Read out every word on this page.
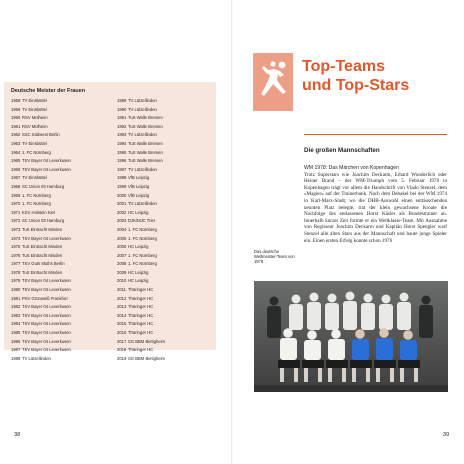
Deutsche Meister der Frauen
1958 TV Einsbüttel
1959 TV Einsbüttel
1960 RSV Mülheim
1961 RSV Mülheim
1962 SSC Südwest Berlin
1963 TV Einsbüttel
1964 1. FC Nürnberg
1965 TSV Bayer 04 Leverkusen
1966 TSV Bayer 04 Leverkusen
1967 TV Einsbüttel
1968 SC Union 03 Hamburg
1969 1. FC Nürnberg
1970 1. FC Nürnberg
1971 KSV Holstein Kiel
1972 SC Union 03 Hamburg
1973 TuS Eintracht Minden
1974 TSV Bayer 04 Leverkusen
1975 TuS Eintracht Minden
1976 TuS Eintracht Minden
1977 TSV Guts Muths Berlin
1978 TuS Eintracht Minden
1979 TSV Bayer 04 Leverkusen
1980 TSV Bayer 04 Leverkusen
1981 PSV Grünweiß Frankfurt
1982 TSV Bayer 04 Leverkusen
1983 TSV Bayer 04 Leverkusen
1984 TSV Bayer 04 Leverkusen
1985 TSV Bayer 04 Leverkusen
1986 TSV Bayer 04 Leverkusen
1987 TSV Bayer 04 Leverkusen
1988 TV Lützellinden
1989 TV Lützellinden
1990 TV Lützellinden
1991 TuS Walle Bremen
1992 TuS Walle Bremen
1993 TV Lützellinden
1994 TuS Walle Bremen
1995 TuS Walle Bremen
1996 TuS Walle Bremen
1997 TV Lützellinden
1998 VfB Leipzig
1999 VfB Leipzig
2000 VfB Leipzig
2001 TV Lützellinden
2002 HC Leipzig
2003 DJK/MJC Trier
2004 1. FC Nürnberg
2005 1. FC Nürnberg
2006 HC Leipzig
2007 1. FC Nürnberg
2008 1. FC Nürnberg
2009 HC Leipzig
2010 HC Leipzig
2011 Thüringer HC
2012 Thüringer HC
2013 Thüringer HC
2014 Thüringer HC
2015 Thüringer HC
2016 Thüringer HC
2017 SG BBM Bietigheim
2018 Thüringer HC
2019 SG BBM Bietigheim
38
Top-Teams
und Top-Stars
Die großen Mannschaften

WM 1978: Das Märchen von Kopenhagen

Trotz Superstars wie Joachim Deckarm, Erhard Wunderlich oder Heiner Brand – der WM-Triumph vom 5. Februar 1978 in Kopenhagen trägt vor allem die Handschrift von Vlado Stenzel, dem »Magier« auf der Trainerbank. Nach dem Debakel bei der WM 1974 in Karl-Marx-Stadt, wo die DHB-Auswahl einen enttäuschenden neunten Platz belegte, trat der klein gewachsene Kroate die Nachfolge des entlassenen Horst Käsler als Bundestrainer an. Innerhalb kurzer Zeit formte er ein Weltklasse-Team. Mit Ausnahme von Regisseur Joachim Deckarm und Kapitän Horst Spengler warf Stenzel alle alten Stars aus der Mannschaft und baute junge Spieler ein. Einen ersten Erfolg konnte schon 1976

Das deutsche Weltmeister-Team von 1978
39
